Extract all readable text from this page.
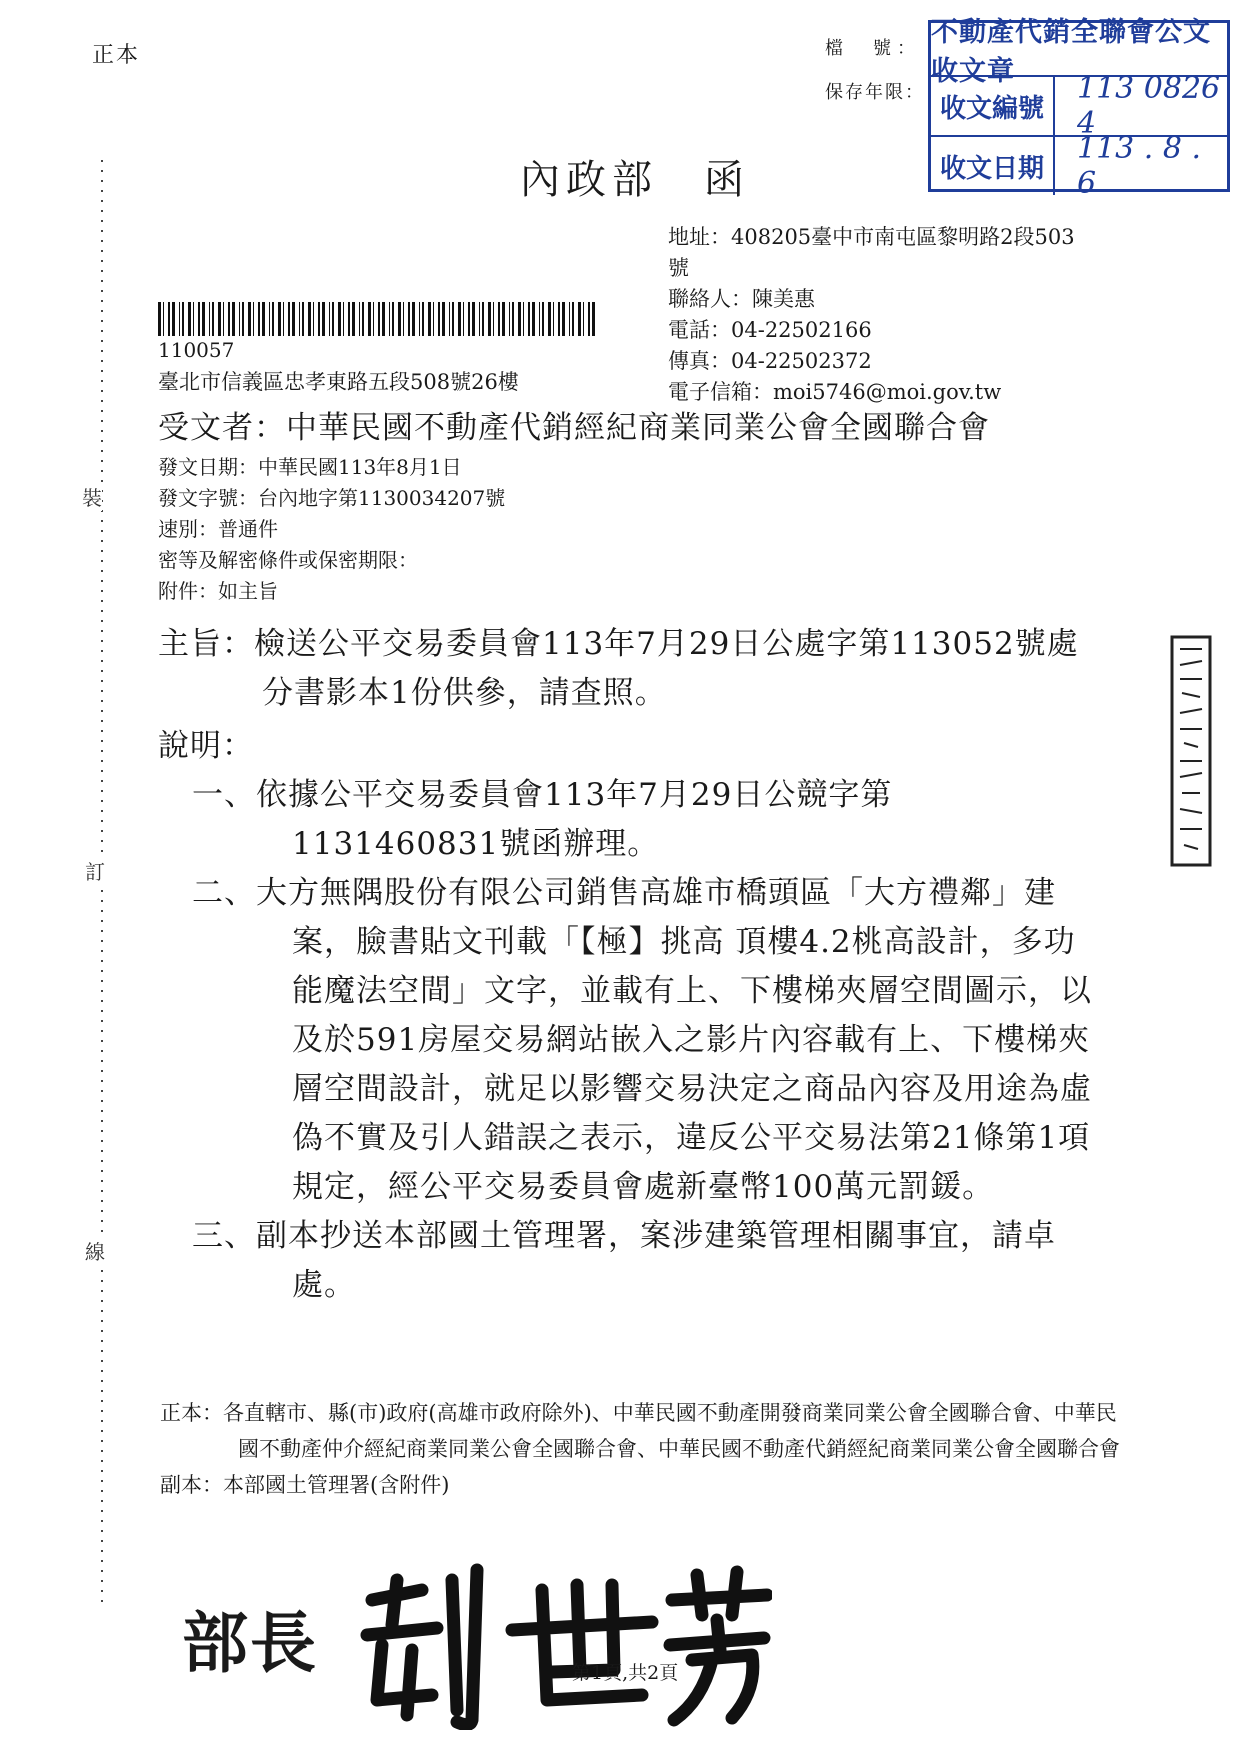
正本	檔　號：
保存年限：
不動產代銷全聯會公文收文章
收文編號
113 0826 4
收文日期
113 . 8 . 6
內政部　函
地址：408205臺中市南屯區黎明路2段503
號
聯絡人：陳美惠
電話：04-22502166
傳真：04-22502372
電子信箱：moi5746@moi.gov.tw
110057
臺北市信義區忠孝東路五段508號26樓
受文者：中華民國不動產代銷經紀商業同業公會全國聯合會
發文日期：中華民國113年8月1日
發文字號：台內地字第1130034207號
速別：普通件
密等及解密條件或保密期限：
附件：如主旨
主旨：檢送公平交易委員會113年7月29日公處字第113052號處分書影本1份供參，請查照。
說明：
一、依據公平交易委員會113年7月29日公競字第1131460831號函辦理。
二、大方無隅股份有限公司銷售高雄市橋頭區「大方禮鄰」建案，臉書貼文刊載「【極】挑高 頂樓4.2桃高設計，多功能魔法空間」文字，並載有上、下樓梯夾層空間圖示，以及於591房屋交易網站嵌入之影片內容載有上、下樓梯夾層空間設計，就足以影響交易決定之商品內容及用途為虛偽不實及引人錯誤之表示，違反公平交易法第21條第1項規定，經公平交易委員會處新臺幣100萬元罰鍰。
三、副本抄送本部國土管理署，案涉建築管理相關事宜，請卓處。
正本：各直轄市、縣(市)政府(高雄市政府除外)、中華民國不動產開發商業同業公會全國聯合會、中華民國不動產仲介經紀商業同業公會全國聯合會、中華民國不動產代銷經紀商業同業公會全國聯合會
副本：本部國土管理署(含附件)
部長	第1頁,共2頁
裝
訂
線
